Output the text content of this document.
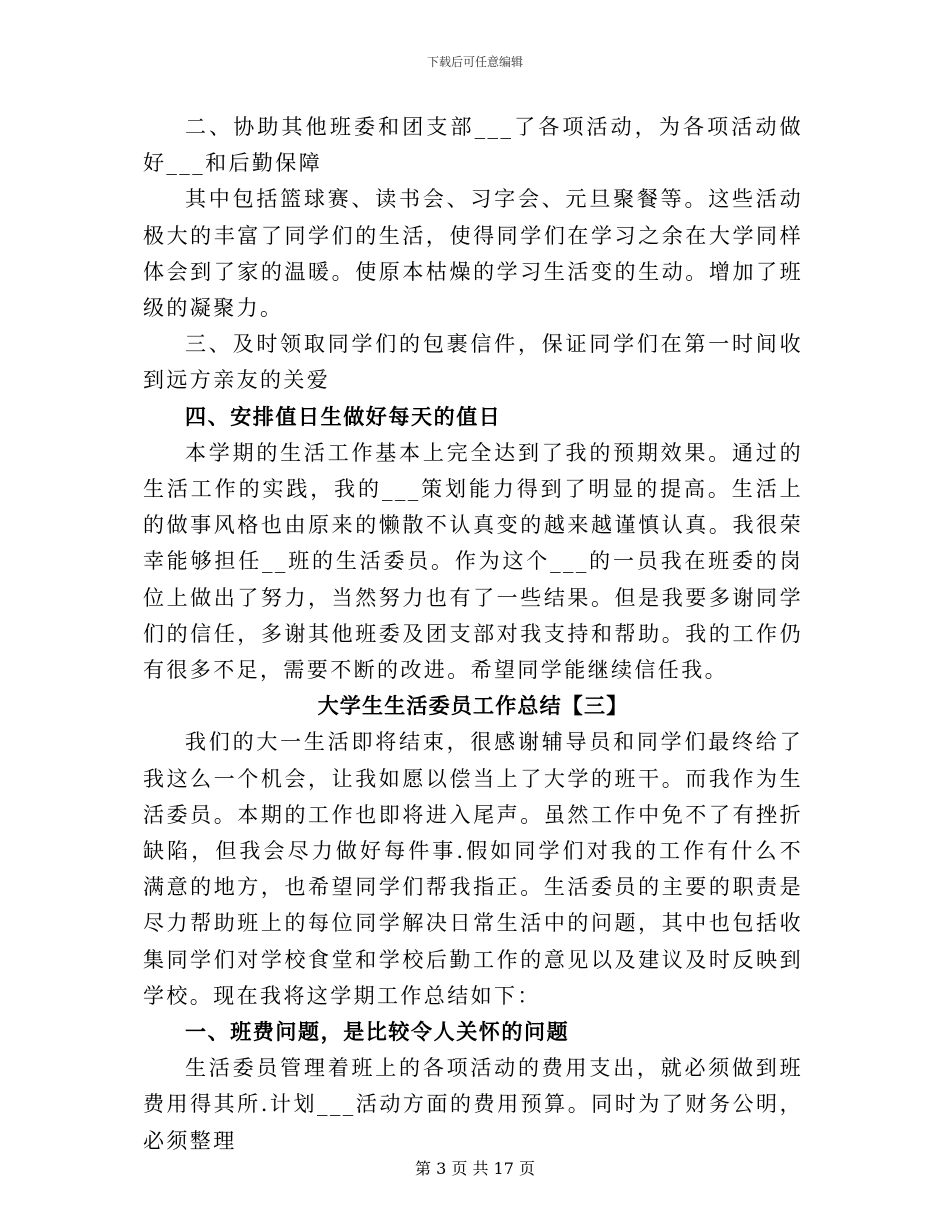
下载后可任意编辑

二、协助其他班委和团支部___了各项活动，为各项活动做好___和后勤保障

其中包括篮球赛、读书会、习字会、元旦聚餐等。这些活动极大的丰富了同学们的生活，使得同学们在学习之余在大学同样体会到了家的温暖。使原本枯燥的学习生活变的生动。增加了班级的凝聚力。

三、及时领取同学们的包裹信件，保证同学们在第一时间收到远方亲友的关爱

四、安排值日生做好每天的值日

本学期的生活工作基本上完全达到了我的预期效果。通过的生活工作的实践，我的___策划能力得到了明显的提高。生活上的做事风格也由原来的懒散不认真变的越来越谨慎认真。我很荣幸能够担任__班的生活委员。作为这个___的一员我在班委的岗位上做出了努力，当然努力也有了一些结果。但是我要多谢同学们的信任，多谢其他班委及团支部对我支持和帮助。我的工作仍有很多不足，需要不断的改进。希望同学能继续信任我。

大学生生活委员工作总结【三】

我们的大一生活即将结束，很感谢辅导员和同学们最终给了我这么一个机会，让我如愿以偿当上了大学的班干。而我作为生活委员。本期的工作也即将进入尾声。虽然工作中免不了有挫折缺陷，但我会尽力做好每件事.假如同学们对我的工作有什么不满意的地方，也希望同学们帮我指正。生活委员的主要的职责是尽力帮助班上的每位同学解决日常生活中的问题，其中也包括收集同学们对学校食堂和学校后勤工作的意见以及建议及时反映到学校。现在我将这学期工作总结如下：

一、班费问题，是比较令人关怀的问题

生活委员管理着班上的各项活动的费用支出，就必须做到班费用得其所.计划___活动方面的费用预算。同时为了财务公明，必须整理

第 3 页 共 17 页
